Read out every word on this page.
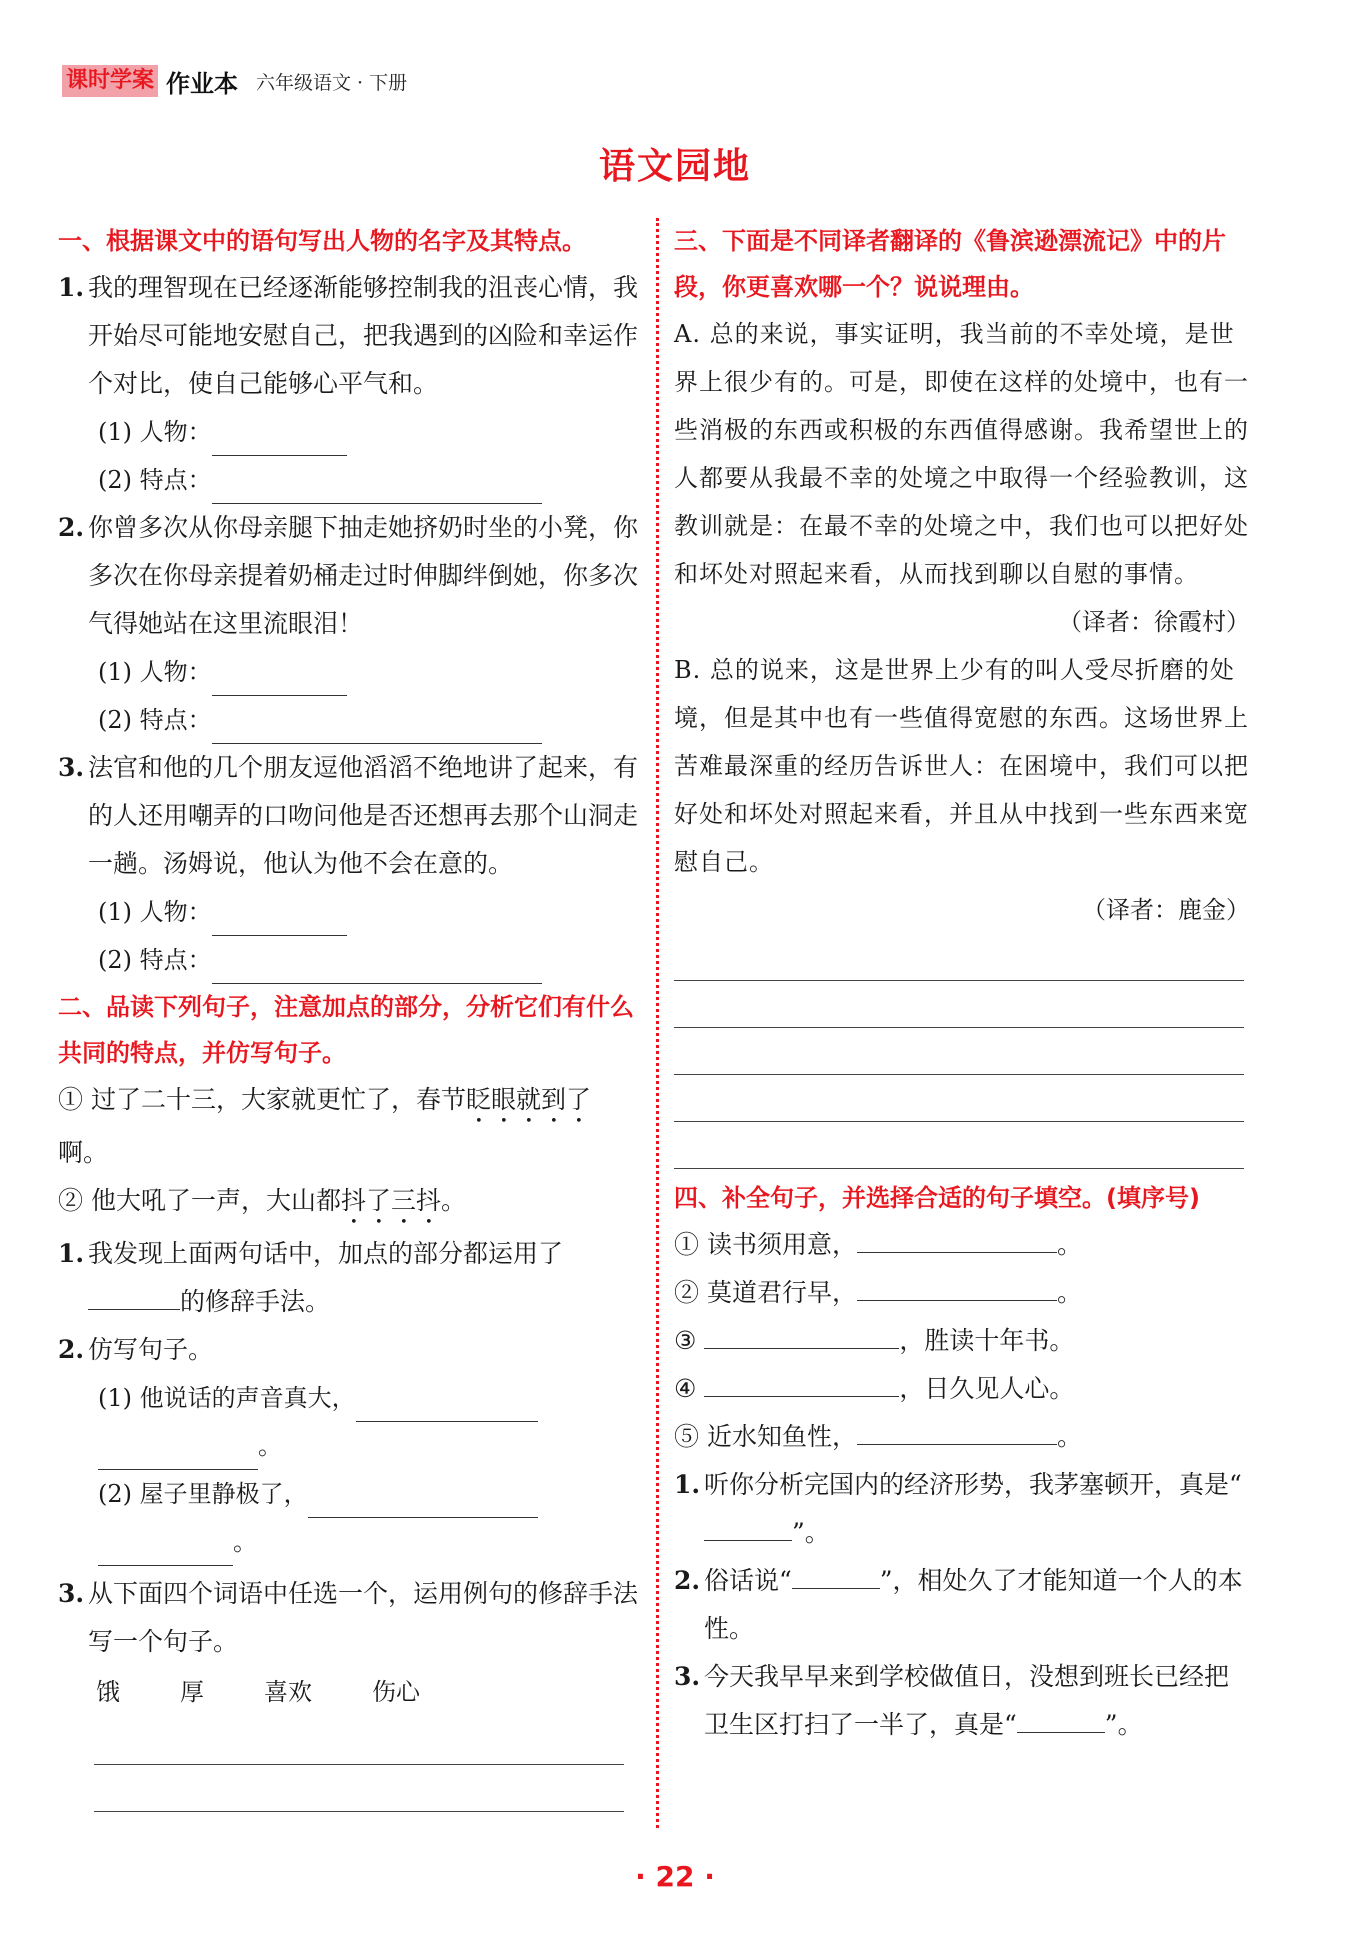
课时学案 作业本 六年级语文 · 下册
语文园地

一、根据课文中的语句写出人物的名字及其特点。

1. 我的理智现在已经逐渐能够控制我的沮丧心情，我开始尽可能地安慰自己，把我遇到的凶险和幸运作个对比，使自己能够心平气和。
(1) 人物：
(2) 特点：
2. 你曾多次从你母亲腿下抽走她挤奶时坐的小凳，你多次在你母亲提着奶桶走过时伸脚绊倒她，你多次气得她站在这里流眼泪！
(1) 人物：
(2) 特点：
3. 法官和他的几个朋友逗他滔滔不绝地讲了起来，有的人还用嘲弄的口吻问他是否还想再去那个山洞走一趟。汤姆说，他认为他不会在意的。
(1) 人物：
(2) 特点：

二、品读下列句子，注意加点的部分，分析它们有什么共同的特点，并仿写句子。

① 过了二十三，大家就更忙了，春节眨眼就到了啊。
② 他大吼了一声，大山都抖了三抖。
1. 我发现上面两句话中，加点的部分都运用了
的修辞手法。
2. 仿写句子。
(1) 他说话的声音真大，
。
(2) 屋子里静极了，
。
3. 从下面四个词语中任选一个，运用例句的修辞手法写一个句子。
饿	厚	喜欢	伤心

三、下面是不同译者翻译的《鲁滨逊漂流记》中的片段，你更喜欢哪一个？说说理由。

A. 总的来说，事实证明，我当前的不幸处境，是世界上很少有的。可是，即使在这样的处境中，也有一些消极的东西或积极的东西值得感谢。我希望世上的人都要从我最不幸的处境之中取得一个经验教训，这教训就是：在最不幸的处境之中，我们也可以把好处和坏处对照起来看，从而找到聊以自慰的事情。
（译者：徐霞村）
B. 总的说来，这是世界上少有的叫人受尽折磨的处境，但是其中也有一些值得宽慰的东西。这场世界上苦难最深重的经历告诉世人：在困境中，我们可以把好处和坏处对照起来看，并且从中找到一些东西来宽慰自己。
（译者：鹿金）

四、补全句子，并选择合适的句子填空。(填序号)

① 读书须用意，	。
② 莫道君行早，	。
③	，胜读十年书。
④	，日久见人心。
⑤ 近水知鱼性，	。
1. 听你分析完国内的经济形势，我茅塞顿开，真是“”。
2. 俗话说“	”，相处久了才能知道一个人的本性。
3. 今天我早早来到学校做值日，没想到班长已经把卫生区打扫了一半了，真是“	”。
· 22 ·
